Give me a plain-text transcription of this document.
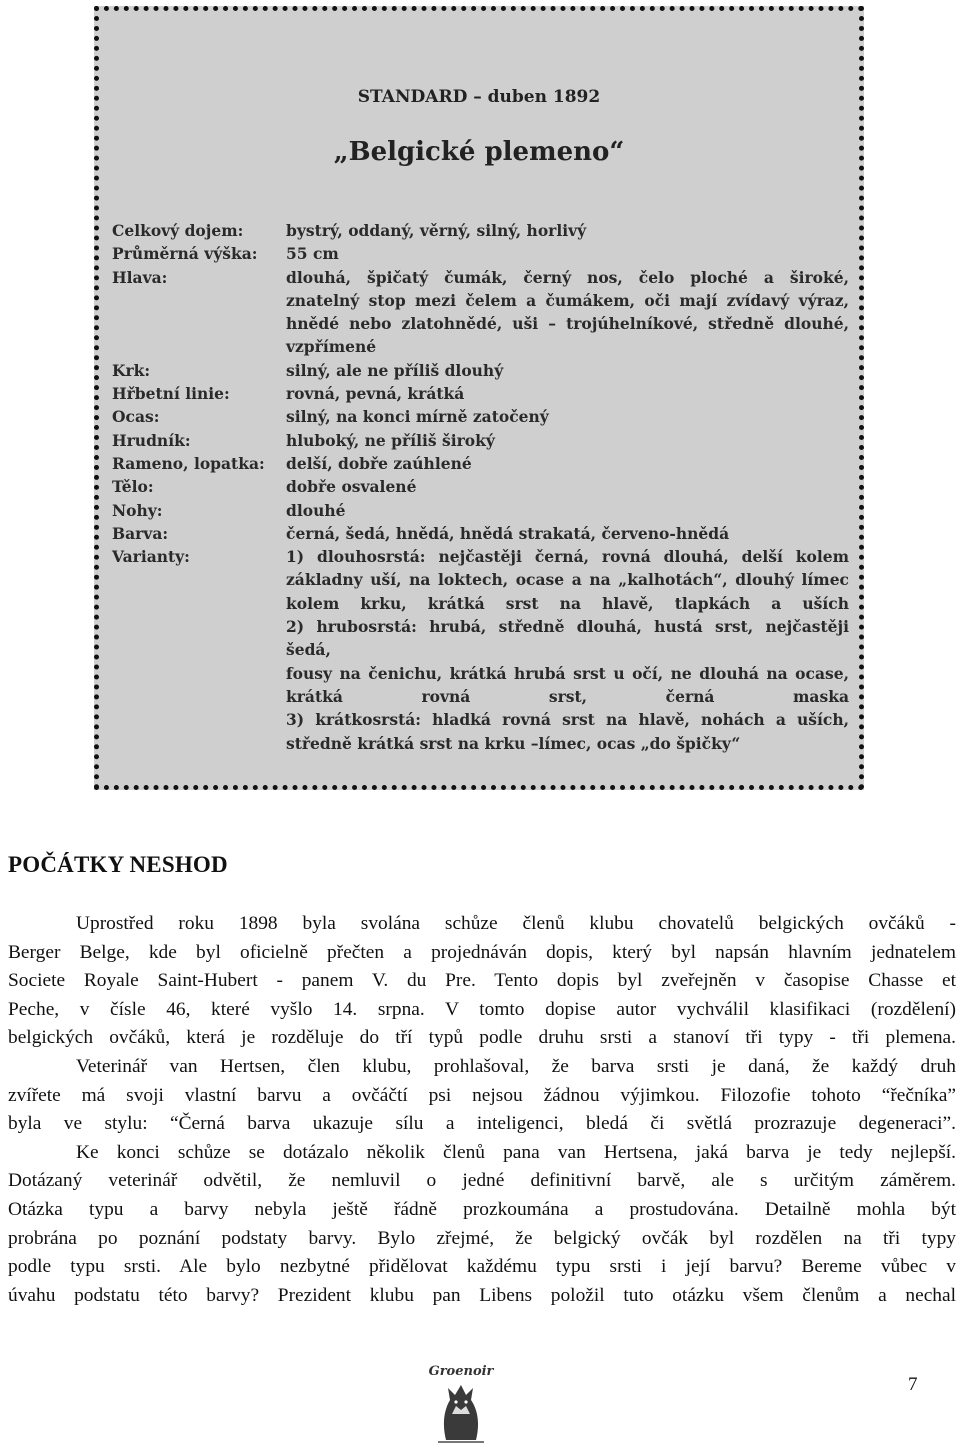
STANDARD – duben 1892
„Belgické plemeno“
Celkový dojem:	bystrý, oddaný, věrný, silný, horlivý
Průměrná výška:	55 cm
Hlava:	dlouhá, špičatý čumák, černý nos, čelo ploché a široké,
znatelný stop mezi čelem a čumákem, oči mají zvídavý výraz,
hnědé nebo zlatohnědé, uši – trojúhelníkové, středně dlouhé,
vzpřímené
Krk:	silný, ale ne příliš dlouhý
Hřbetní linie:	rovná, pevná, krátká
Ocas:	silný, na konci mírně zatočený
Hrudník:	hluboký, ne příliš široký
Rameno, lopatka:	delší, dobře zaúhlené
Tělo:	dobře osvalené
Nohy:	dlouhé
Barva:	černá, šedá, hnědá, hnědá strakatá, červeno-hnědá
Varianty:	1) dlouhosrstá: nejčastěji černá, rovná dlouhá, delší kolem
základny uší, na loktech, ocase a na „kalhotách“, dlouhý límec
kolem krku, krátká srst na hlavě, tlapkách a uších
2) hrubosrstá: hrubá, středně dlouhá, hustá srst, nejčastěji šedá,
fousy na čenichu, krátká hrubá srst u očí, ne dlouhá na ocase,
krátká rovná srst, černá maska
3) krátkosrstá: hladká rovná srst na hlavě, nohách a uších,
středně krátká srst na krku –límec, ocas „do špičky“
POČÁTKY NESHOD
Uprostřed roku 1898 byla svolána schůze členů klubu chovatelů belgických ovčáků -
Berger Belge, kde byl oficielně přečten a projednáván dopis, který byl napsán hlavním jednatelem
Societe Royale Saint-Hubert - panem V. du Pre. Tento dopis byl zveřejněn v časopise Chasse et
Peche, v čísle 46, které vyšlo 14. srpna. V tomto dopise autor vychválil klasifikaci (rozdělení)
belgických ovčáků, která je rozděluje do tří typů podle druhu srsti a stanoví tři typy - tři plemena.
Veterinář van Hertsen, člen klubu, prohlašoval, že barva srsti je daná, že každý druh
zvířete má svoji vlastní barvu a ovčáčtí psi nejsou žádnou výjimkou. Filozofie tohoto “řečníka”
byla ve stylu: “Černá barva ukazuje sílu a inteligenci, bledá či světlá prozrazuje degeneraci”.
Ke konci schůze se dotázalo několik členů pana van Hertsena, jaká barva je tedy nejlepší.
Dotázaný veterinář odvětil, že nemluvil o jedné definitivní barvě, ale s určitým záměrem.
Otázka typu a barvy nebyla ještě řádně prozkoumána a prostudována. Detailně mohla být
probrána po poznání podstaty barvy. Bylo zřejmé, že belgický ovčák byl rozdělen na tři typy
podle typu srsti. Ale bylo nezbytné přidělovat každému typu srsti i její barvu? Bereme vůbec v
úvahu podstatu této barvy? Prezident klubu pan Libens položil tuto otázku všem členům a nechal
Groenoir
7
